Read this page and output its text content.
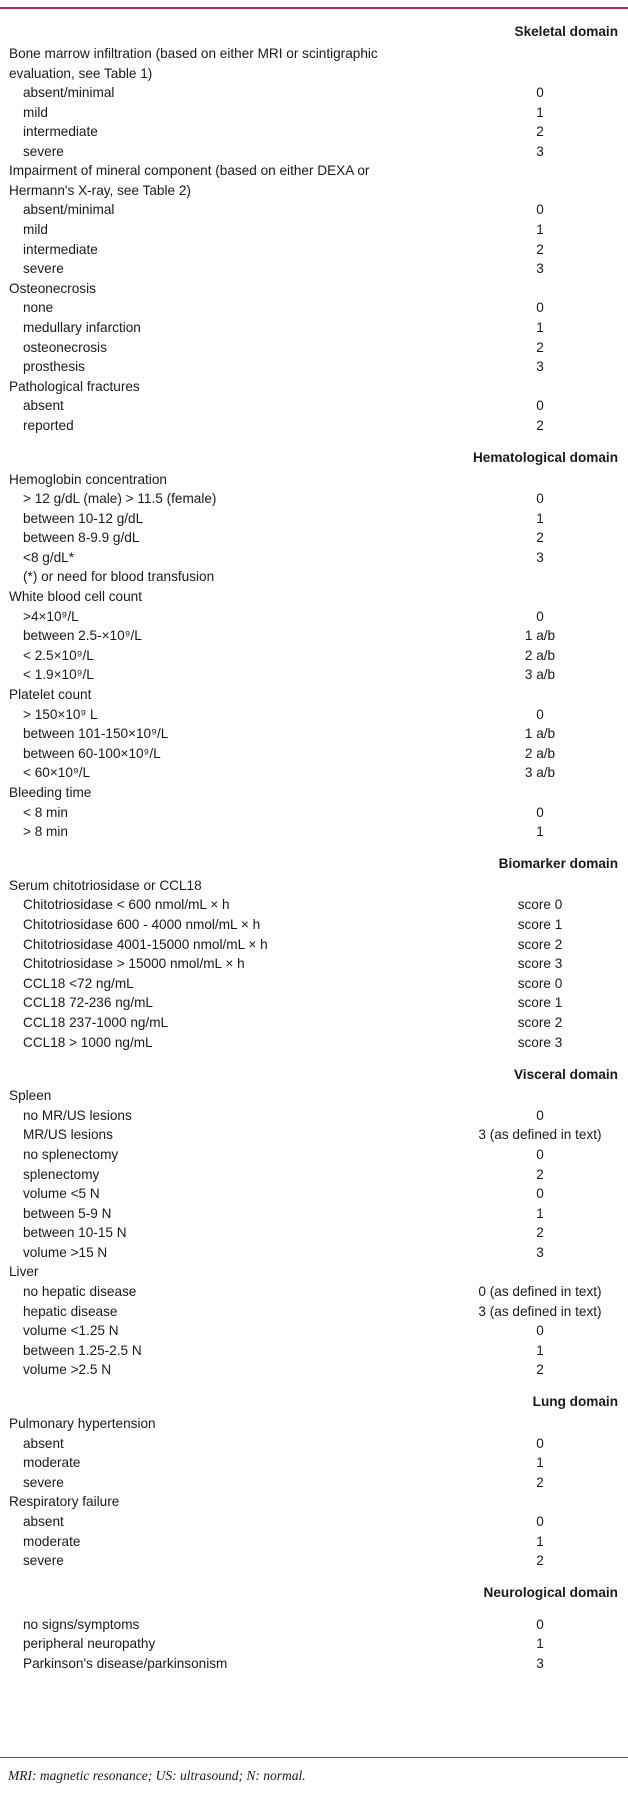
Skeletal domain
Bone marrow infiltration (based on either MRI or scintigraphic evaluation, see Table 1)
absent/minimal	0
mild	1
intermediate	2
severe	3
Impairment of mineral component (based on either DEXA or Hermann's X-ray, see Table 2)
absent/minimal	0
mild	1
intermediate	2
severe	3
Osteonecrosis
none	0
medullary infarction	1
osteonecrosis	2
prosthesis	3
Pathological fractures
absent	0
reported	2
Hematological domain
Hemoglobin concentration
> 12 g/dL (male) > 11.5 (female)	0
between 10-12 g/dL	1
between 8-9.9 g/dL	2
<8 g/dL*	3
(*) or need for blood transfusion
White blood cell count
>4×10⁹/L	0
between 2.5-×10⁹/L	1 a/b
< 2.5×10⁹/L	2 a/b
< 1.9×10⁹/L	3 a/b
Platelet count
> 150×10⁹ L	0
between 101-150×10⁹/L	1 a/b
between 60-100×10⁹/L	2 a/b
< 60×10⁹/L	3 a/b
Bleeding time
< 8 min	0
> 8 min	1
Biomarker domain
Serum chitotriosidase or CCL18
Chitotriosidase < 600 nmol/mL × h	score 0
Chitotriosidase 600 - 4000 nmol/mL × h	score 1
Chitotriosidase 4001-15000 nmol/mL × h	score 2
Chitotriosidase > 15000 nmol/mL × h	score 3
CCL18 <72 ng/mL	score 0
CCL18 72-236 ng/mL	score 1
CCL18 237-1000 ng/mL	score 2
CCL18 > 1000 ng/mL	score 3
Visceral domain
Spleen
no MR/US lesions	0
MR/US lesions	3 (as defined in text)
no splenectomy	0
splenectomy	2
volume <5 N	0
between 5-9 N	1
between 10-15 N	2
volume >15 N	3
Liver
no hepatic disease	0 (as defined in text)
hepatic disease	3 (as defined in text)
volume <1.25 N	0
between 1.25-2.5 N	1
volume >2.5 N	2
Lung domain
Pulmonary hypertension
absent	0
moderate	1
severe	2
Respiratory failure
absent	0
moderate	1
severe	2
Neurological domain
no signs/symptoms	0
peripheral neuropathy	1
Parkinson's disease/parkinsonism	3
MRI: magnetic resonance; US: ultrasound; N: normal.
